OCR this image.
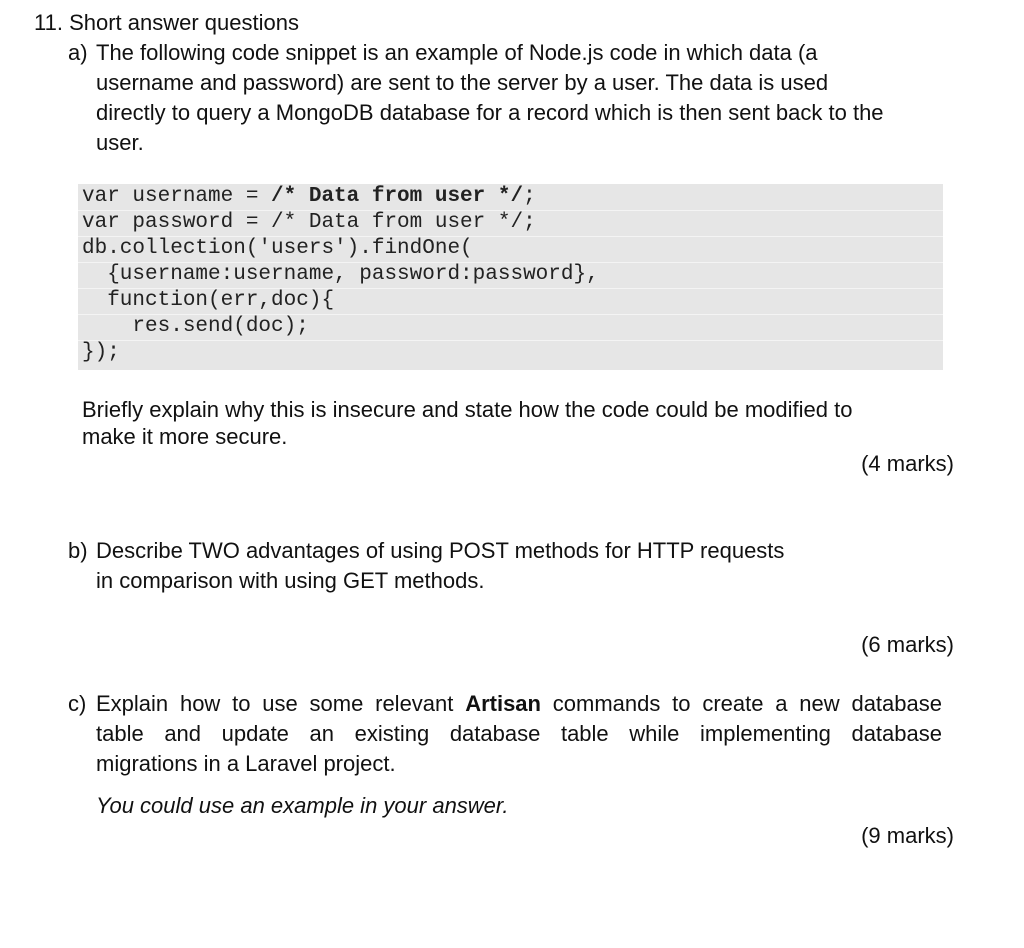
11. Short answer questions
a) The following code snippet is an example of Node.js code in which data (a
username and password) are sent to the server by a user. The data is used
directly to query a MongoDB database for a record which is then sent back to the
user.
var username = /* Data from user */;
var password = /* Data from user */;
db.collection('users').findOne(
{username:username, password:password},
function(err,doc){
res.send(doc);
});
Briefly explain why this is insecure and state how the code could be modified to
make it more secure.
(4 marks)
b) Describe TWO advantages of using POST methods for HTTP requests
in comparison with using GET methods.
(6 marks)
c) Explain how to use some relevant Artisan commands to create a new database
table and update an existing database table while implementing database
migrations in a Laravel project.
You could use an example in your answer.
(9 marks)
